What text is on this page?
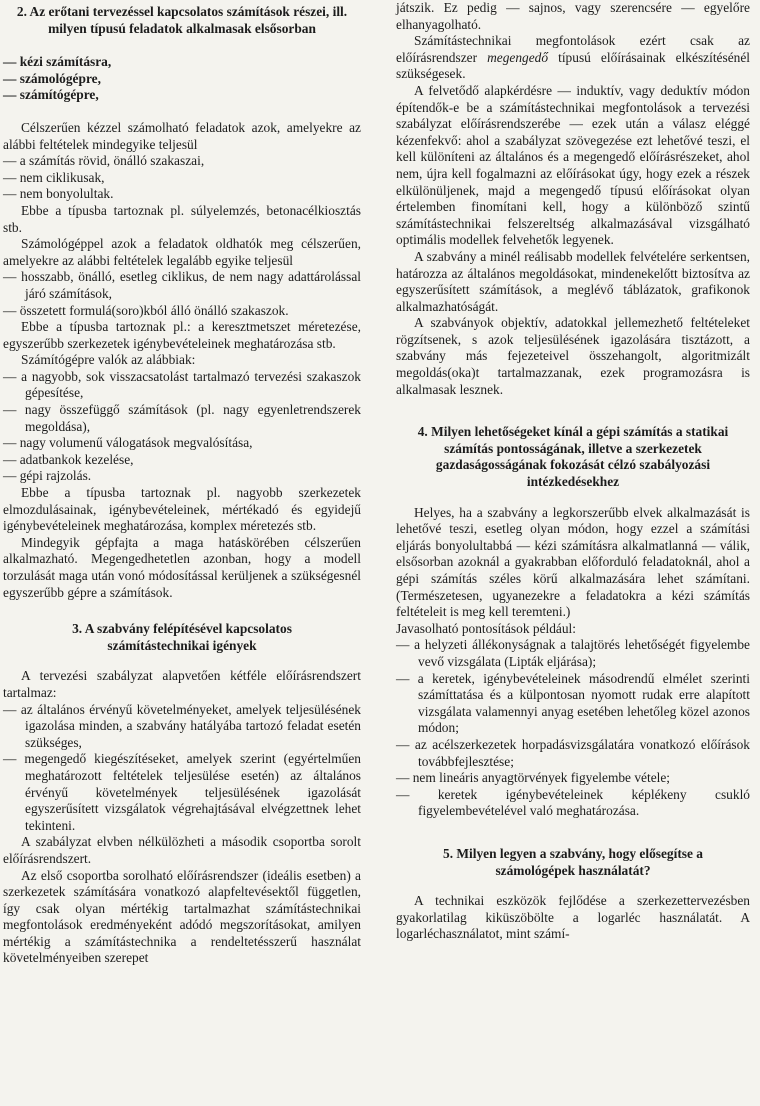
2. Az erőtani tervezéssel kapcsolatos számítások részei, ill. milyen típusú feladatok alkalmasak elsősorban

— kézi számításra,

— számológépre,

— számítógépre,

Célszerűen kézzel számolható feladatok azok, amelyekre az alábbi feltételek mindegyike teljesül

— a számítás rövid, önálló szakaszai,

— nem ciklikusak,

— nem bonyolultak.

Ebbe a típusba tartoznak pl. súlyelemzés, betonacélkiosztás stb.

Számológéppel azok a feladatok oldhatók meg célszerűen, amelyekre az alábbi feltételek legalább egyike teljesül

— hosszabb, önálló, esetleg ciklikus, de nem nagy adattárolással járó számítások,

— összetett formulá(soro)kból álló önálló szakaszok.

Ebbe a típusba tartoznak pl.: a keresztmetszet méretezése, egyszerűbb szerkezetek igénybevételeinek meghatározása stb.

Számítógépre valók az alábbiak:

— a nagyobb, sok visszacsatolást tartalmazó tervezési szakaszok gépesítése,

— nagy összefüggő számítások (pl. nagy egyenletrendszerek megoldása),

— nagy volumenű válogatások megvalósítása,

— adatbankok kezelése,

— gépi rajzolás.

Ebbe a típusba tartoznak pl. nagyobb szerkezetek elmozdulásainak, igénybevételeinek, mértékadó és egyidejű igénybevételeinek meghatározása, komplex méretezés stb.

Mindegyik gépfajta a maga hatáskörében célszerűen alkalmazható. Megengedhetetlen azonban, hogy a modell torzulását maga után vonó módosítással kerüljenek a szükségesnél egyszerűbb gépre a számítások.

3. A szabvány felépítésével kapcsolatos számítástechnikai igények

A tervezési szabályzat alapvetően kétféle előírásrendszert tartalmaz:

— az általános érvényű követelményeket, amelyek teljesülésének igazolása minden, a szabvány hatályába tartozó feladat esetén szükséges,

— megengedő kiegészítéseket, amelyek szerint (egyértelműen meghatározott feltételek teljesülése esetén) az általános érvényű követelmények teljesülésének igazolását egyszerűsített vizsgálatok végrehajtásával elvégzettnek lehet tekinteni.

A szabályzat elvben nélkülözheti a második csoportba sorolt előírásrendszert.

Az első csoportba sorolható előírásrendszer (ideális esetben) a szerkezetek számítására vonatkozó alapfeltevésektől független, így csak olyan mértékig tartalmazhat számítástechnikai megfontolások eredményeként adódó megszorításokat, amilyen mértékig a számítástechnika a rendeltetésszerű használat követelményeiben szerepet

játszik. Ez pedig — sajnos, vagy szerencsére — egyelőre elhanyagolható.

Számítástechnikai megfontolások ezért csak az előírásrendszer megengedő típusú előírásainak elkészítésénél szükségesek.

A felvetődő alapkérdésre — induktív, vagy deduktív módon építendők-e be a számítástechnikai megfontolások a tervezési szabályzat előírásrendszerébe — ezek után a válasz eléggé kézenfekvő: ahol a szabályzat szövegezése ezt lehetővé teszi, el kell különíteni az általános és a megengedő előírásrészeket, ahol nem, újra kell fogalmazni az előírásokat úgy, hogy ezek a részek elkülönüljenek, majd a megengedő típusú előírásokat olyan értelemben finomítani kell, hogy a különböző szintű számítástechnikai felszereltség alkalmazásával vizsgálható optimális modellek felvehetők legyenek.

A szabvány a minél reálisabb modellek felvételére serkentsen, határozza az általános megoldásokat, mindenekelőtt biztosítva az egyszerűsített számítások, a meglévő táblázatok, grafikonok alkalmazhatóságát.

A szabványok objektív, adatokkal jellemezhető feltételeket rögzítsenek, s azok teljesülésének igazolására tisztázott, a szabvány más fejezeteivel összehangolt, algoritmizált megoldás(oka)t tartalmazzanak, ezek programozásra is alkalmasak lesznek.

4. Milyen lehetőségeket kínál a gépi számítás a statikai számítás pontosságának, illetve a szerkezetek gazdaságosságának fokozását célzó szabályozási intézkedésekhez

Helyes, ha a szabvány a legkorszerűbb elvek alkalmazását is lehetővé teszi, esetleg olyan módon, hogy ezzel a számítási eljárás bonyolultabbá — kézi számításra alkalmatlanná — válik, elsősorban azoknál a gyakrabban előforduló feladatoknál, ahol a gépi számítás széles körű alkalmazására lehet számítani. (Természetesen, ugyanezekre a feladatokra a kézi számítás feltételeit is meg kell teremteni.)

Javasolható pontosítások például:

— a helyzeti állékonyságnak a talajtörés lehetőségét figyelembe vevő vizsgálata (Lipták eljárása);

— a keretek, igénybevételeinek másodrendű elmélet szerinti számíttatása és a külpontosan nyomott rudak erre alapított vizsgálata valamennyi anyag esetében lehetőleg közel azonos módon;

— az acélszerkezetek horpadásvizsgálatára vonatkozó előírások továbbfejlesztése;

— nem lineáris anyagtörvények figyelembe vétele;

— keretek igénybevételeinek képlékeny csukló figyelembevételével való meghatározása.

5. Milyen legyen a szabvány, hogy elősegítse a számológépek használatát?

A technikai eszközök fejlődése a szerkezettervezésben gyakorlatilag kiküszöbölte a logarléc használatát. A logarléchasználatot, mint számí-
